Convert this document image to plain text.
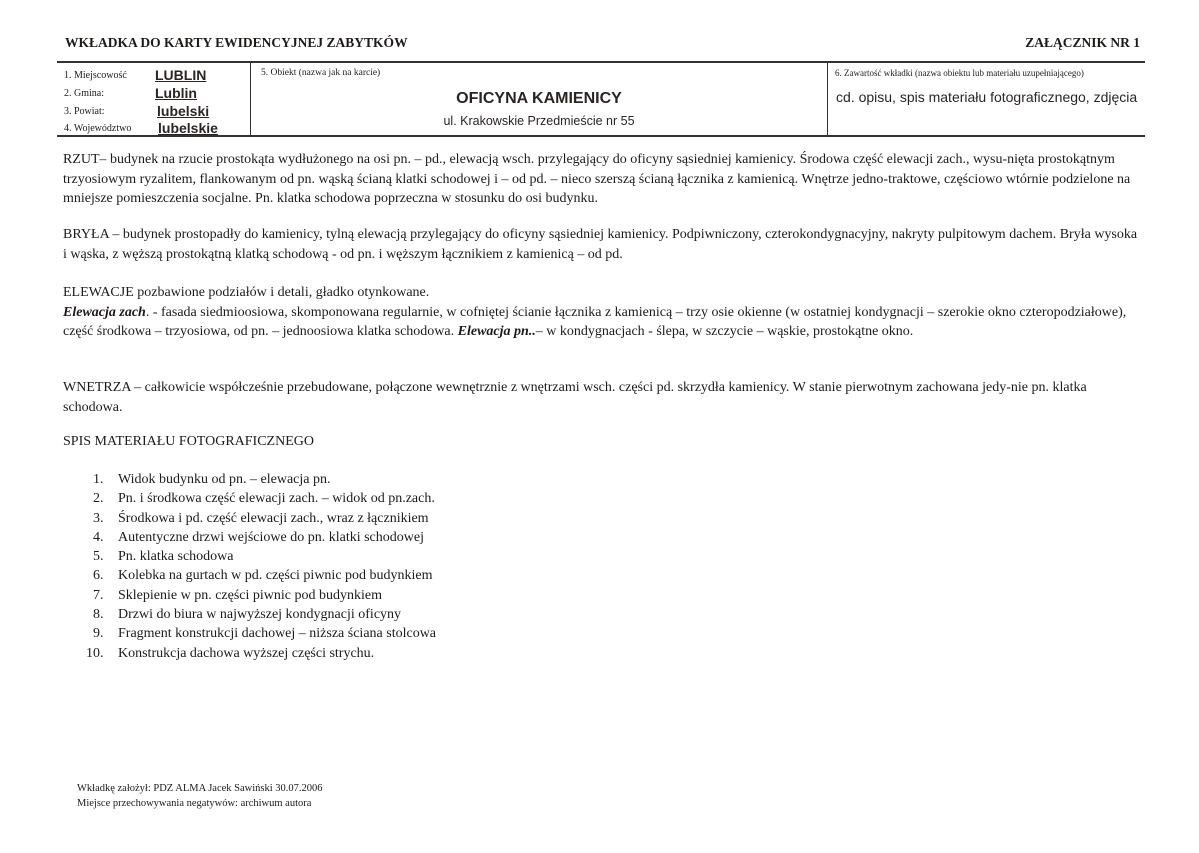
WKŁADKA DO KARTY EWIDENCYJNEJ ZABYTKÓW	ZAŁĄCZNIK NR 1
1. Miejscowość LUBLIN
2. Gmina:	Lublin
3. Powiat:	lubelski
4. Województwo lubelskie
5. Obiekt (nazwa jak na karcie)
OFICYNA KAMIENICY
ul. Krakowskie Przedmieście nr 55
6. Zawartość wkładki (nazwa obiektu lub materiału uzupełniającego)
cd. opisu, spis materiału fotograficznego, zdjęcia

RZUT– budynek na rzucie prostokąta wydłużonego na osi pn. – pd., elewacją wsch. przylegający do oficyny sąsiedniej kamienicy. Środowa część elewacji zach., wysu-nięta prostokątnym trzyosiowym ryzalitem, flankowanym od pn. wąską ścianą klatki schodowej i – od pd. – nieco szerszą ścianą łącznika z kamienicą. Wnętrze jedno-traktowe, częściowo wtórnie podzielone na mniejsze pomieszczenia socjalne. Pn. klatka schodowa poprzeczna w stosunku do osi budynku.

BRYŁA – budynek prostopadły do kamienicy, tylną elewacją przylegający do oficyny sąsiedniej kamienicy. Podpiwniczony, czterokondygnacyjny, nakryty pulpitowym dachem. Bryła wysoka i wąska, z węższą prostokątną klatką schodową - od pn. i węższym łącznikiem z kamienicą – od pd.

ELEWACJE pozbawione podziałów i detali, gładko otynkowane.

Elewacja zach. - fasada siedmioosiowa, skomponowana regularnie, w cofniętej ścianie łącznika z kamienicą – trzy osie okienne (w ostatniej kondygnacji – szerokie okno czteropodziałowe), część środkowa – trzyosiowa, od pn. – jednoosiowa klatka schodowa. Elewacja pn..– w kondygnacjach - ślepa, w szczycie – wąskie, prostokątne okno.

WNETRZA – całkowicie współcześnie przebudowane, połączone wewnętrznie z wnętrzami wsch. części pd. skrzydła kamienicy. W stanie pierwotnym zachowana jedy-nie pn. klatka schodowa.

SPIS MATERIAŁU FOTOGRAFICZNEGO

1. Widok budynku od pn. – elewacja pn.
2. Pn. i środkowa część elewacji zach. – widok od pn.zach.
3. Środkowa i pd. część elewacji zach., wraz z łącznikiem
4. Autentyczne drzwi wejściowe do pn. klatki schodowej
5. Pn. klatka schodowa
6. Kolebka na gurtach w pd. części piwnic pod budynkiem
7. Sklepienie w pn. części piwnic pod budynkiem
8. Drzwi do biura w najwyższej kondygnacji oficyny
9. Fragment konstrukcji dachowej – niższa ściana stolcowa
10. Konstrukcja dachowa wyższej części strychu.
Wkładkę założył: PDZ ALMA Jacek Sawiński 30.07.2006
Miejsce przechowywania negatywów: archiwum autora
